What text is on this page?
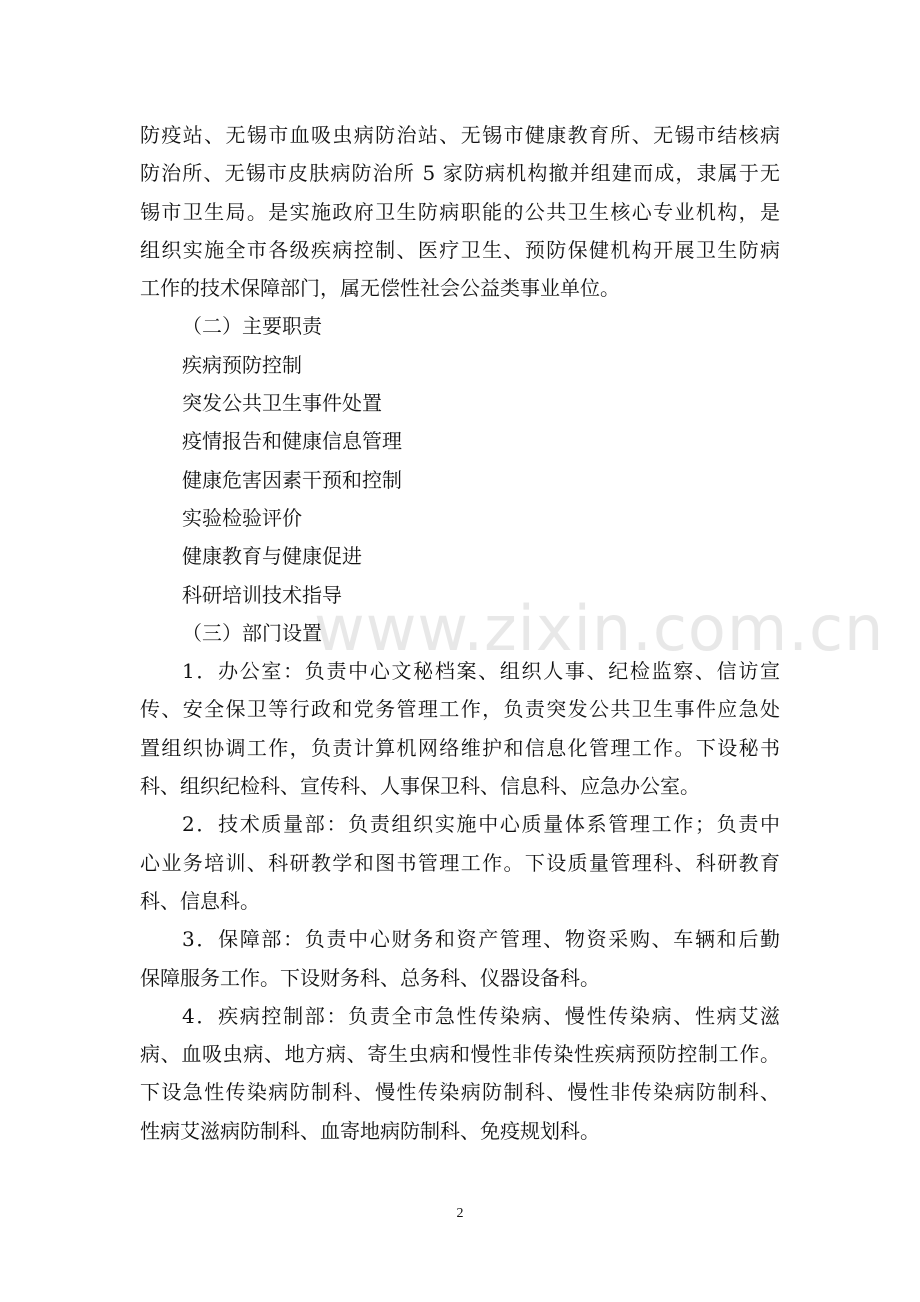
防疫站、无锡市血吸虫病防治站、无锡市健康教育所、无锡市结核病
防治所、无锡市皮肤病防治所 5 家防病机构撤并组建而成，隶属于无
锡市卫生局。是实施政府卫生防病职能的公共卫生核心专业机构，是
组织实施全市各级疾病控制、医疗卫生、预防保健机构开展卫生防病
工作的技术保障部门，属无偿性社会公益类事业单位。
（二）主要职责
疾病预防控制
突发公共卫生事件处置
疫情报告和健康信息管理
健康危害因素干预和控制
实验检验评价
健康教育与健康促进
科研培训技术指导
（三）部门设置
1．办公室：负责中心文秘档案、组织人事、纪检监察、信访宣
传、安全保卫等行政和党务管理工作，负责突发公共卫生事件应急处
置组织协调工作，负责计算机网络维护和信息化管理工作。下设秘书
科、组织纪检科、宣传科、人事保卫科、信息科、应急办公室。
2．技术质量部：负责组织实施中心质量体系管理工作；负责中
心业务培训、科研教学和图书管理工作。下设质量管理科、科研教育
科、信息科。
3．保障部：负责中心财务和资产管理、物资采购、车辆和后勤
保障服务工作。下设财务科、总务科、仪器设备科。
4．疾病控制部：负责全市急性传染病、慢性传染病、性病艾滋
病、血吸虫病、地方病、寄生虫病和慢性非传染性疾病预防控制工作。
下设急性传染病防制科、慢性传染病防制科、慢性非传染病防制科、
性病艾滋病防制科、血寄地病防制科、免疫规划科。
www.zixin.com.cn
2
